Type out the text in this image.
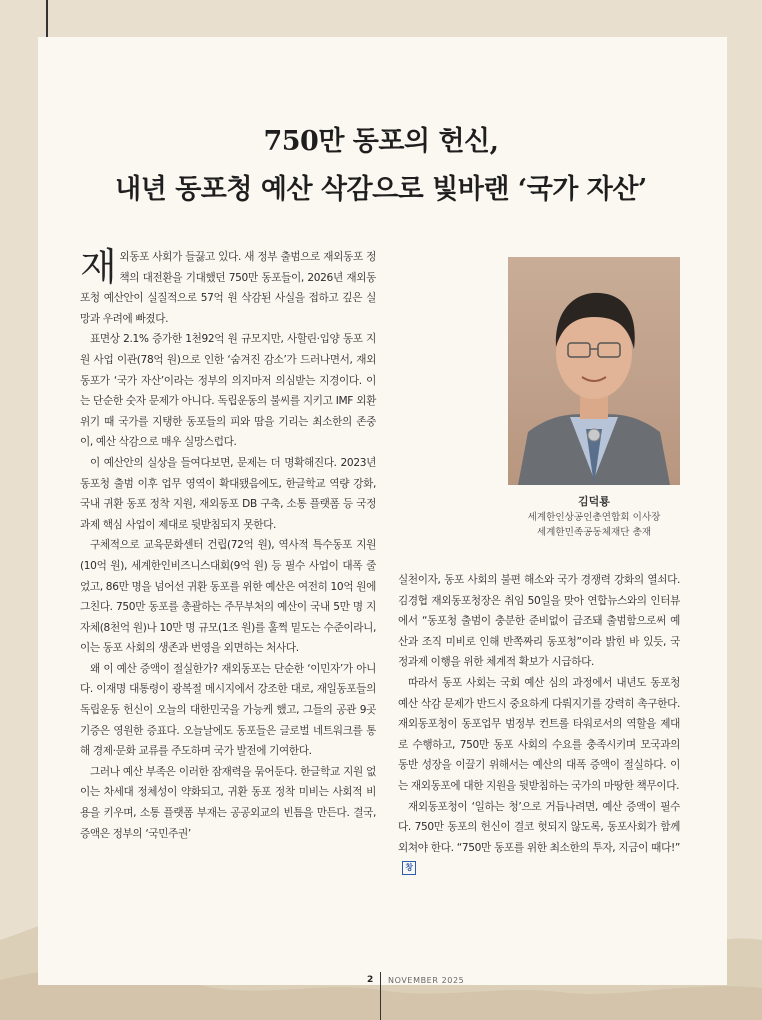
750만 동포의 헌신,
내년 동포청 예산 삭감으로 빛바랜 ‘국가 자산’

재외동포 사회가 들끓고 있다. 새 정부 출범으로 재외동포 정책의 대전환을 기대했던 750만 동포들이, 2026년 재외동포청 예산안이 실질적으로 57억 원 삭감된 사실을 접하고 깊은 실망과 우려에 빠졌다.

표면상 2.1% 증가한 1천92억 원 규모지만, 사할린·입양 동포 지원 사업 이관(78억 원)으로 인한 ‘숨겨진 감소’가 드러나면서, 재외동포가 ‘국가 자산’이라는 정부의 의지마저 의심받는 지경이다. 이는 단순한 숫자 문제가 아니다. 독립운동의 불씨를 지키고 IMF 외환위기 때 국가를 지탱한 동포들의 피와 땀을 기리는 최소한의 존중이, 예산 삭감으로 매우 실망스럽다.

이 예산안의 실상을 들여다보면, 문제는 더 명확해진다. 2023년 동포청 출범 이후 업무 영역이 확대됐음에도, 한글학교 역량 강화, 국내 귀환 동포 정착 지원, 재외동포 DB 구축, 소통 플랫폼 등 국정과제 핵심 사업이 제대로 뒷받침되지 못한다.

구체적으로 교육문화센터 건립(72억 원), 역사적 특수동포 지원(10억 원), 세계한인비즈니스대회(9억 원) 등 필수 사업이 대폭 줄었고, 86만 명을 넘어선 귀환 동포를 위한 예산은 여전히 10억 원에 그친다. 750만 동포를 총괄하는 주무부처의 예산이 국내 5만 명 지자체(8천억 원)나 10만 명 규모(1조 원)를 훌쩍 밑도는 수준이라니, 이는 동포 사회의 생존과 번영을 외면하는 처사다.

왜 이 예산 증액이 절실한가? 재외동포는 단순한 ‘이민자’가 아니다. 이재명 대통령이 광복절 메시지에서 강조한 대로, 재일동포들의 독립운동 헌신이 오늘의 대한민국을 가능케 했고, 그들의 공관 9곳 기증은 영원한 증표다. 오늘날에도 동포들은 글로벌 네트워크를 통해 경제·문화 교류를 주도하며 국가 발전에 기여한다.

그러나 예산 부족은 이러한 잠재력을 묶어둔다. 한글학교 지원 없이는 차세대 정체성이 약화되고, 귀환 동포 정착 미비는 사회적 비용을 키우며, 소통 플랫폼 부재는 공공외교의 빈틈을 만든다. 결국, 증액은 정부의 ‘국민주권’

김덕룡
세계한인상공인총연합회 이사장
세계한민족공동체재단 총재

실천이자, 동포 사회의 불편 해소와 국가 경쟁력 강화의 열쇠다. 김경협 재외동포청장은 취임 50일을 맞아 연합뉴스와의 인터뷰에서 “동포청 출범이 충분한 준비없이 급조돼 출범함으로써 예산과 조직 미비로 인해 반쪽짜리 동포청”이라 밝힌 바 있듯, 국정과제 이행을 위한 체계적 확보가 시급하다.

따라서 동포 사회는 국회 예산 심의 과정에서 내년도 동포청 예산 삭감 문제가 반드시 중요하게 다뤄지기를 강력히 촉구한다. 재외동포청이 동포업무 범정부 컨트롤 타워로서의 역할을 제대로 수행하고, 750만 동포 사회의 수요를 충족시키며 모국과의 동반 성장을 이끌기 위해서는 예산의 대폭 증액이 절실하다. 이는 재외동포에 대한 지원을 뒷받침하는 국가의 마땅한 책무이다.

재외동포청이 ‘일하는 청’으로 거듭나려면, 예산 증액이 필수다. 750만 동포의 헌신이 결코 헛되지 않도록, 동포사회가 함께 외쳐야 한다. “750만 동포를 위한 최소한의 투자, 지금이 때다!”창

2 NOVEMBER 2025
